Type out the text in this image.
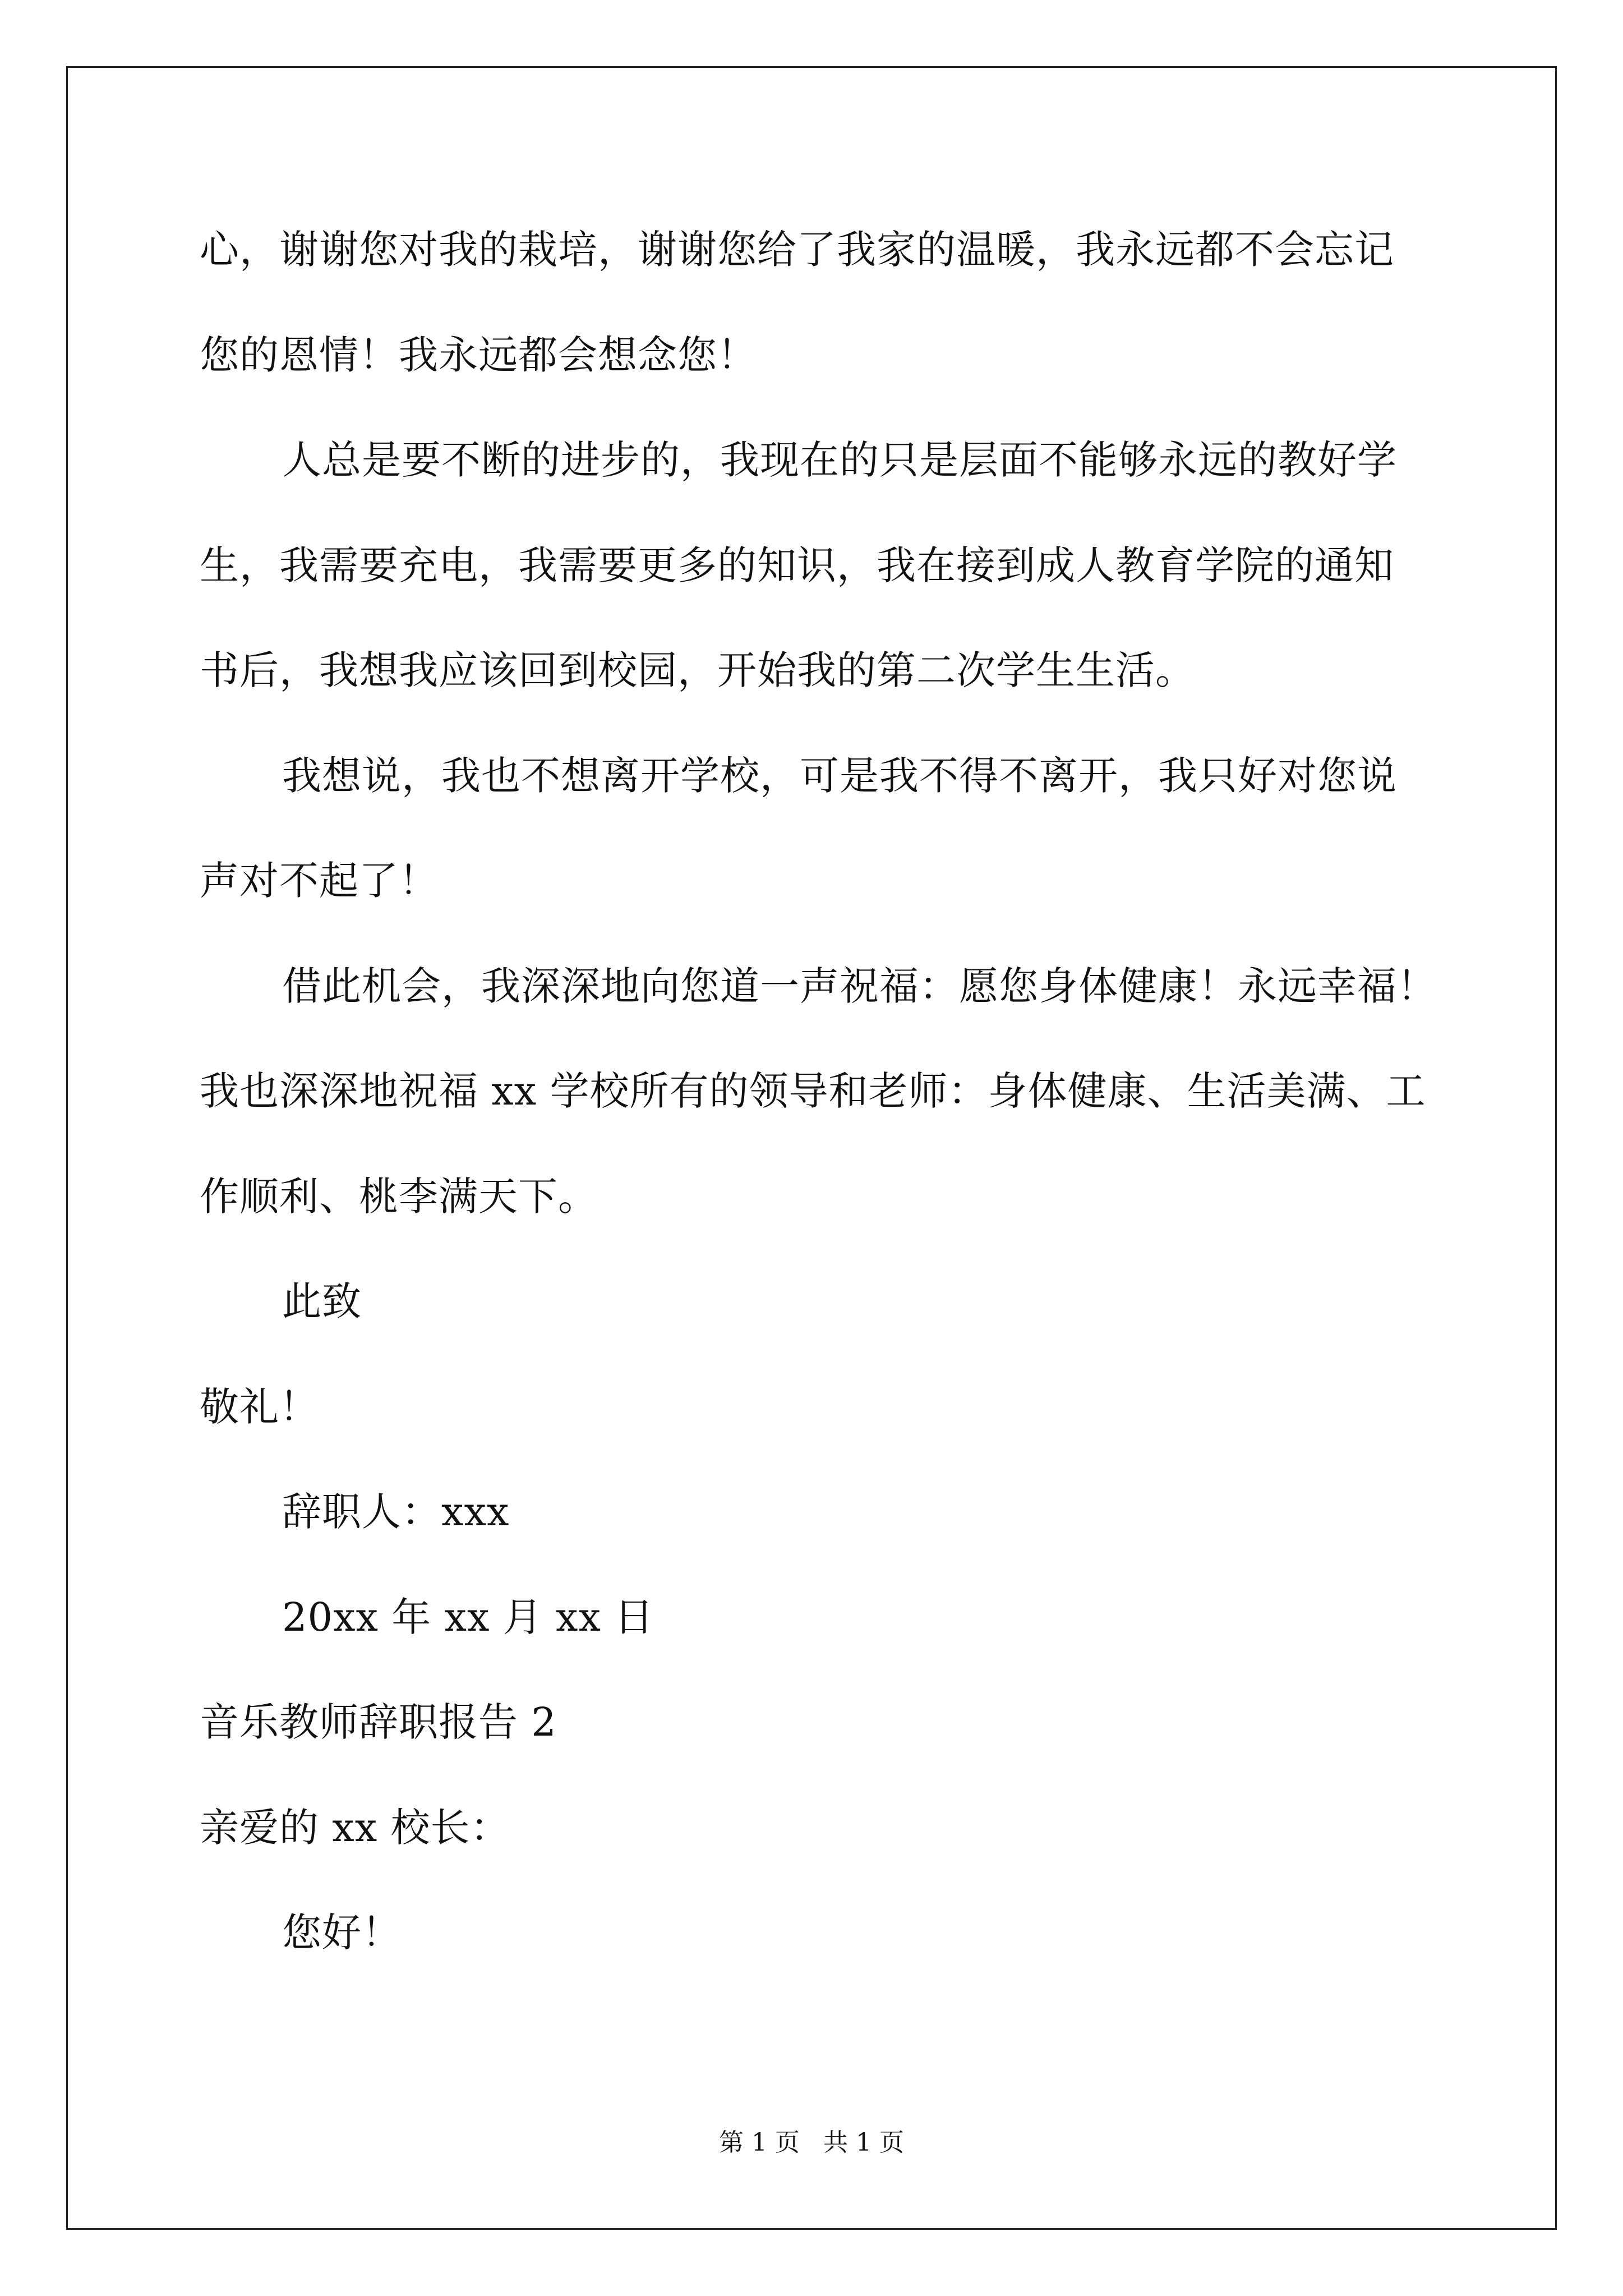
心，谢谢您对我的栽培，谢谢您给了我家的温暖，我永远都不会忘记
您的恩情！我永远都会想念您！
人总是要不断的进步的，我现在的只是层面不能够永远的教好学
生，我需要充电，我需要更多的知识，我在接到成人教育学院的通知
书后，我想我应该回到校园，开始我的第二次学生生活。
我想说，我也不想离开学校，可是我不得不离开，我只好对您说
声对不起了！
借此机会，我深深地向您道一声祝福：愿您身体健康！永远幸福！
我也深深地祝福 xx 学校所有的领导和老师：身体健康、生活美满、工
作顺利、桃李满天下。
此致
敬礼！
辞职人：xxx
20xx 年 xx 月 xx 日
音乐教师辞职报告 2
亲爱的 xx 校长：
您好！
第 1 页   共 1 页
